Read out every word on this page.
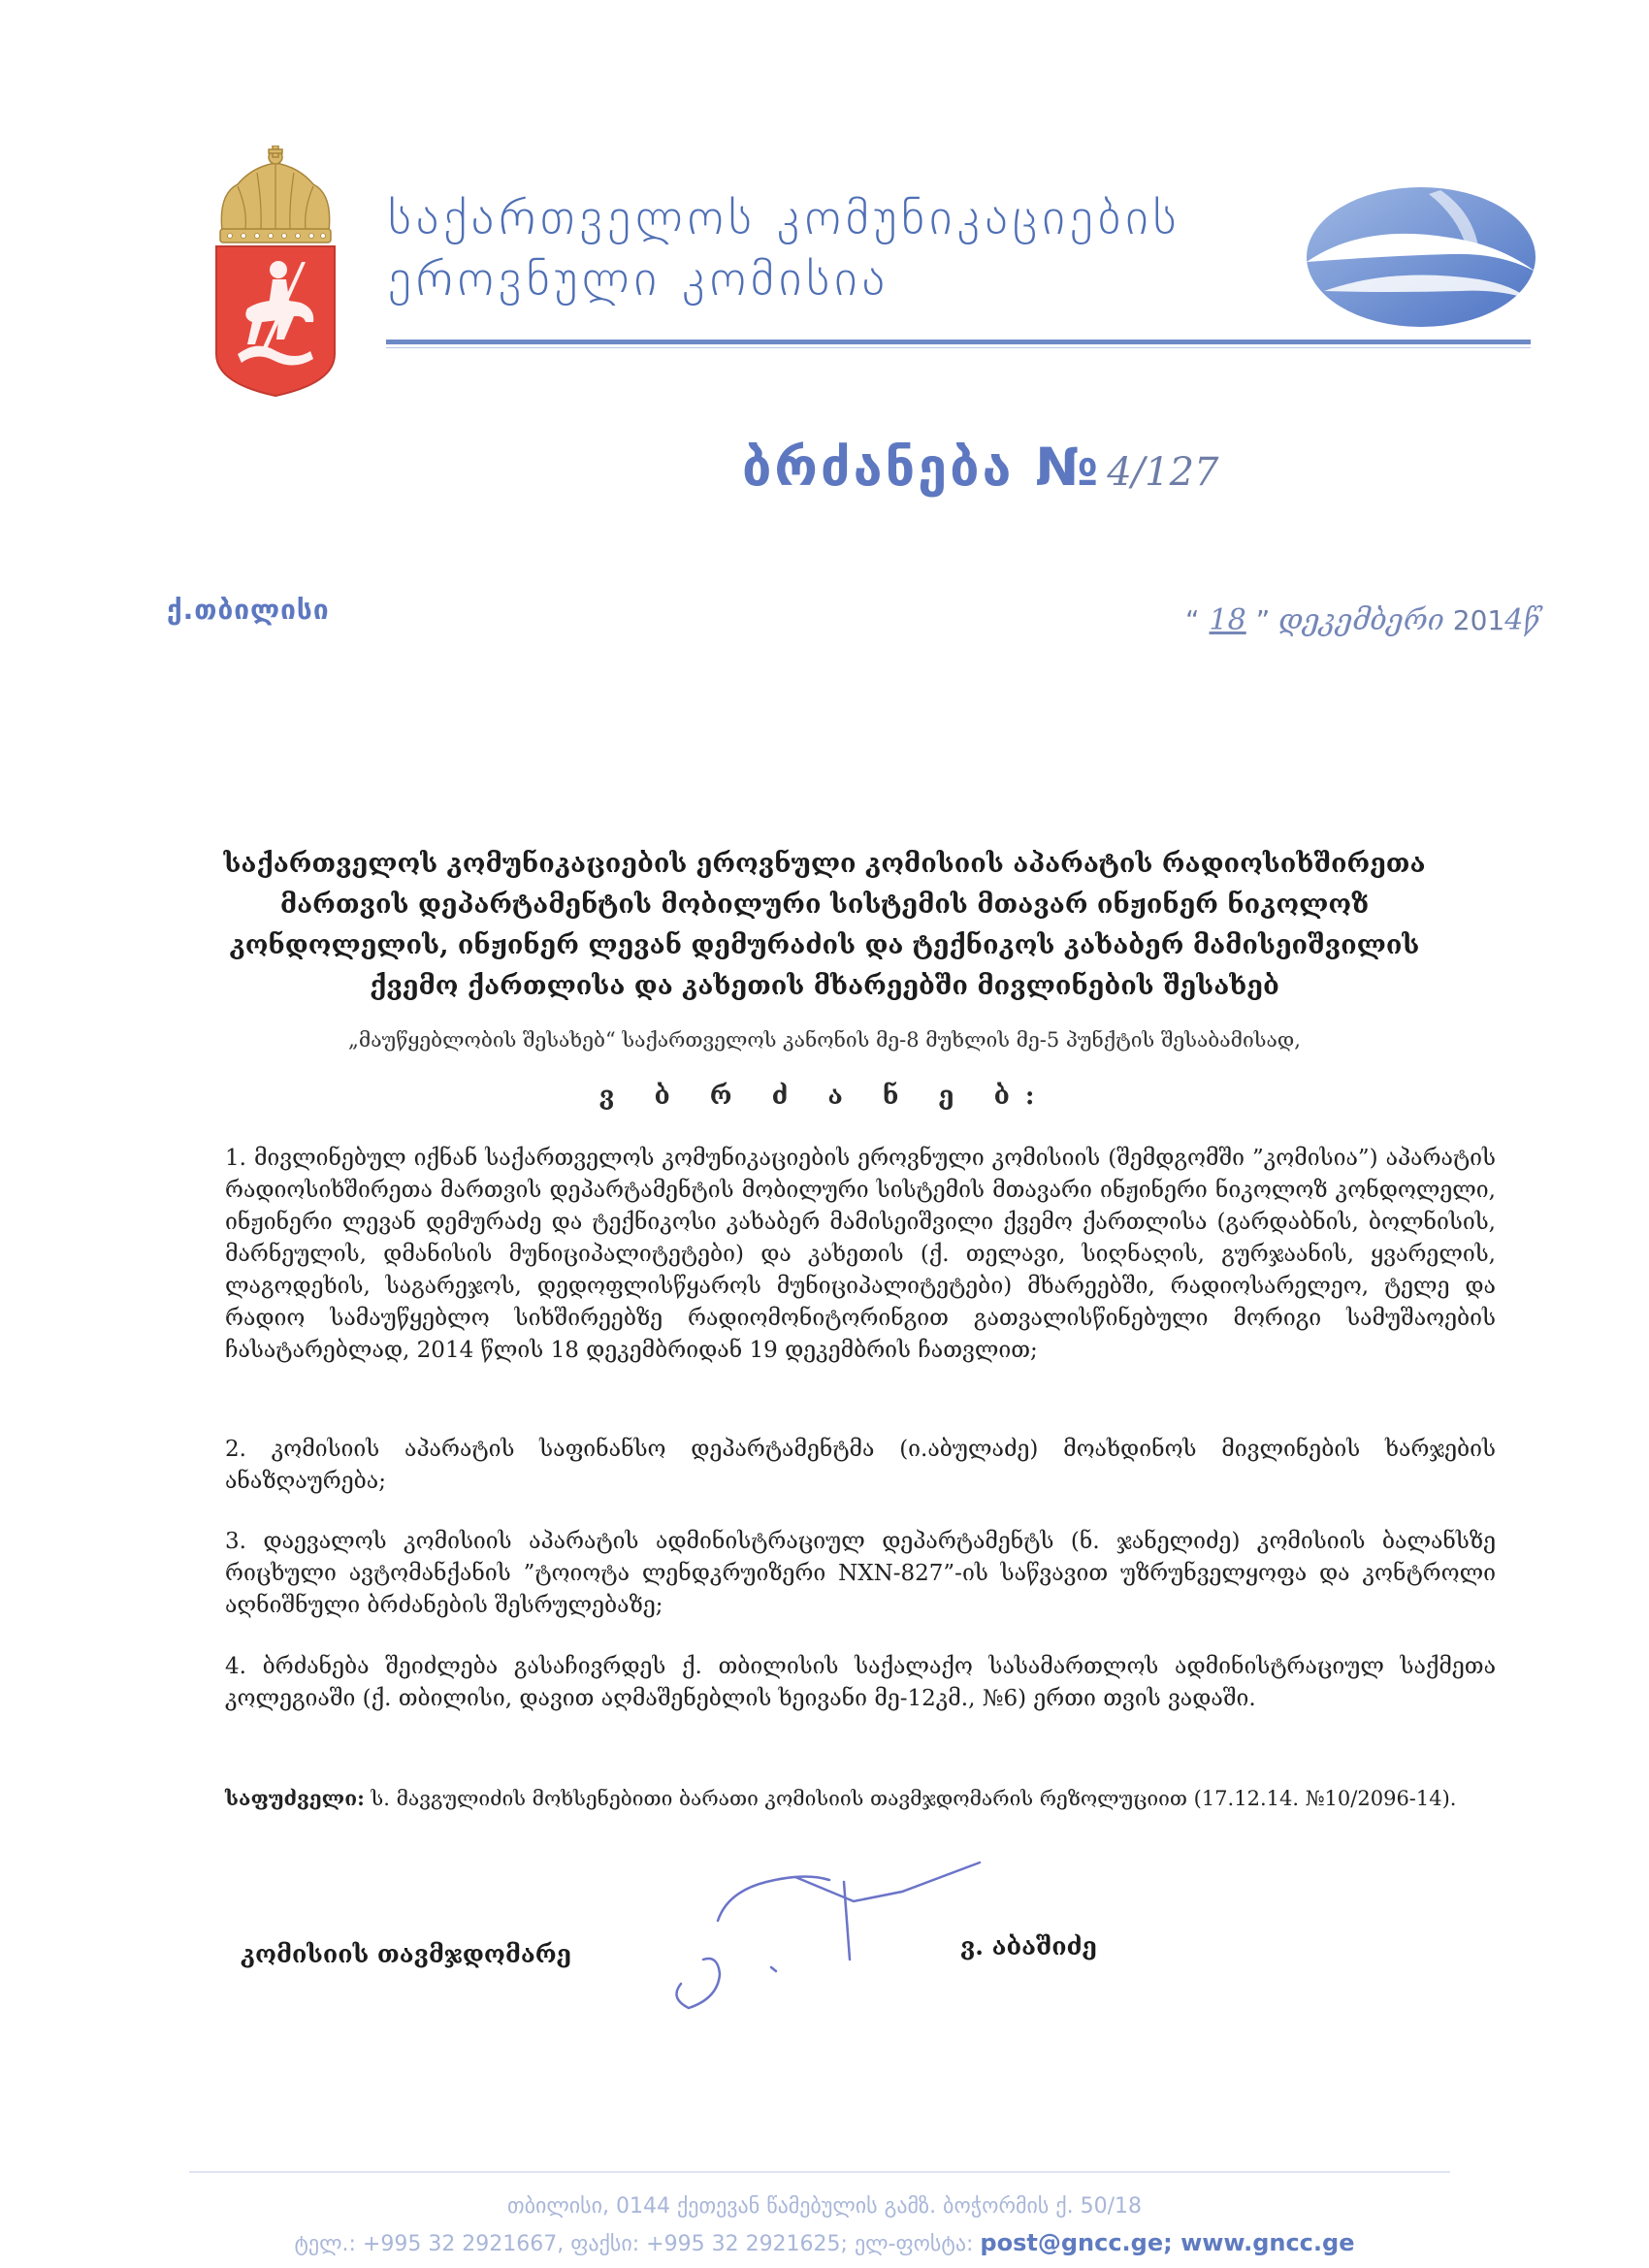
საქართველოს კომუნიკაციების
ეროვნული კომისია
ბრძანება № 4/127
ქ.თბილისი	“ 18 ” დეკემბერი 2014წ
საქართველოს კომუნიკაციების ეროვნული კომისიის აპარატის რადიოსიხშირეთა
მართვის დეპარტამენტის მობილური სისტემის მთავარ ინჟინერ ნიკოლოზ
კონდოლელის, ინჟინერ ლევან დემურაძის და ტექნიკოს კახაბერ მამისეიშვილის
ქვემო ქართლისა და კახეთის მხარეებში მივლინების შესახებ
„მაუწყებლობის შესახებ“ საქართველოს კანონის მე-8 მუხლის მე-5 პუნქტის შესაბამისად,
ვ ბ რ ძ ა ნ ე ბ:
1. მივლინებულ იქნან საქართველოს კომუნიკაციების ეროვნული კომისიის (შემდგომში ”კომისია”) აპარატის რადიოსიხშირეთა მართვის დეპარტამენტის მობილური სისტემის მთავარი ინჟინერი ნიკოლოზ კონდოლელი, ინჟინერი ლევან დემურაძე და ტექნიკოსი კახაბერ მამისეიშვილი ქვემო ქართლისა (გარდაბნის, ბოლნისის, მარნეულის, დმანისის მუნიციპალიტეტები) და კახეთის (ქ. თელავი, სიღნაღის, გურჯაანის, ყვარელის, ლაგოდეხის, საგარეჯოს, დედოფლისწყაროს მუნიციპალიტეტები) მხარეებში, რადიოსარელეო, ტელე და რადიო სამაუწყებლო სიხშირეებზე რადიომონიტორინგით გათვალისწინებული მორიგი სამუშაოების ჩასატარებლად, 2014 წლის 18 დეკემბრიდან 19 დეკემბრის ჩათვლით;
2. კომისიის აპარატის საფინანსო დეპარტამენტმა (ი.აბულაძე) მოახდინოს მივლინების ხარჯების ანაზღაურება;
3. დაევალოს კომისიის აპარატის ადმინისტრაციულ დეპარტამენტს (ნ. ჯანელიძე) კომისიის ბალანსზე რიცხული ავტომანქანის ”ტოიოტა ლენდკრუიზერი NXN-827”-ის საწვავით უზრუნველყოფა და კონტროლი აღნიშნული ბრძანების შესრულებაზე;
4. ბრძანება შეიძლება გასაჩივრდეს ქ. თბილისის საქალაქო სასამართლოს ადმინისტრაციულ საქმეთა კოლეგიაში (ქ. თბილისი, დავით აღმაშენებლის ხეივანი მე-12კმ., №6) ერთი თვის ვადაში.
საფუძველი: ს. მავგულიძის მოხსენებითი ბარათი კომისიის თავმჯდომარის რეზოლუციით (17.12.14. №10/2096-14).
კომისიის თავმჯდომარე	ვ. აბაშიძე
თბილისი, 0144 ქეთევან წამებულის გამზ. ბოჭორმის ქ. 50/18
ტელ.: +995 32 2921667, ფაქსი: +995 32 2921625; ელ-ფოსტა: post@gncc.ge; www.gncc.ge
